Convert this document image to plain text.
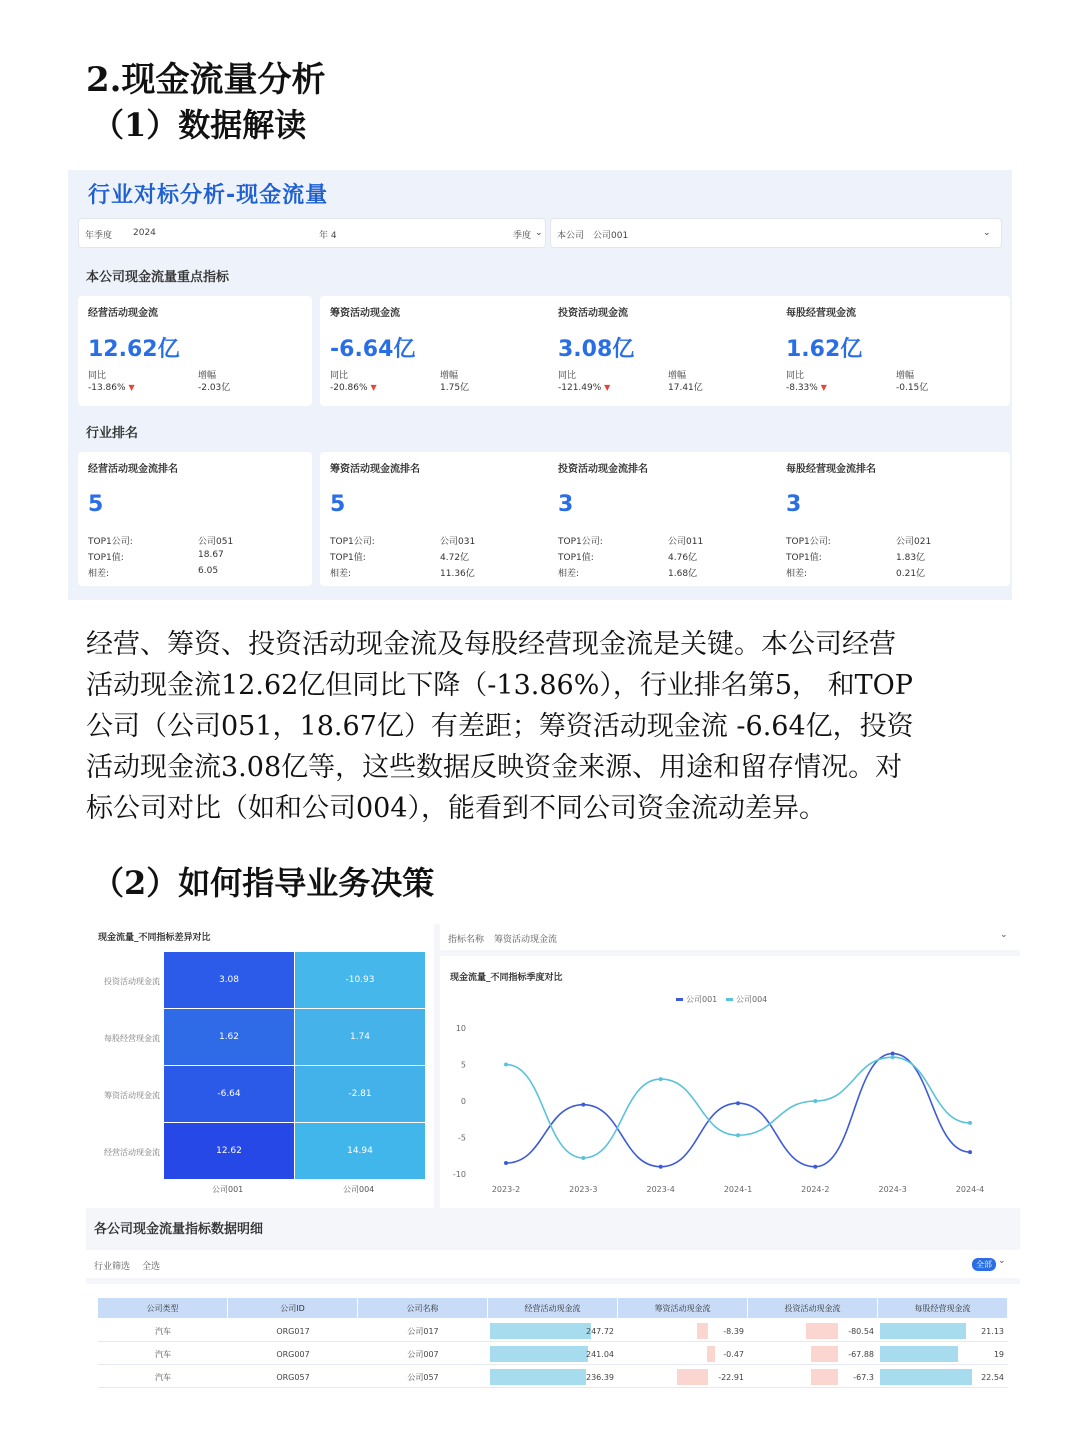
2.现金流量分析
（1）数据解读
行业对标分析-现金流量
年季度 2024	年 4	季度 ⌄ 本公司 公司001	⌄
本公司现金流量重点指标
经营活动现金流
12.62亿
同比
-13.86% ▼
增幅
-2.03亿
筹资活动现金流
-6.64亿
同比
-20.86% ▼
增幅
1.75亿
投资活动现金流
3.08亿
同比
-121.49% ▼
增幅
17.41亿
每股经营现金流
1.62亿
同比
-8.33% ▼
增幅
-0.15亿
行业排名
经营活动现金流排名
5
TOP1公司:	公司051
TOP1值:	18.67
相差:	6.05
筹资活动现金流排名
5
TOP1公司:	公司031
TOP1值:	4.72亿
相差:	11.36亿
投资活动现金流排名
3
TOP1公司:	公司011
TOP1值:	4.76亿
相差:	1.68亿
每股经营现金流排名
3
TOP1公司:	公司021
TOP1值:	1.83亿
相差:	0.21亿
经营、筹资、投资活动现金流及每股经营现金流是关键。本公司经营
活动现金流12.62亿但同比下降（-13.86%），行业排名第5， 和TOP
公司（公司051，18.67亿）有差距；筹资活动现金流 -6.64亿，投资
活动现金流3.08亿等，这些数据反映资金来源、用途和留存情况。对
标公司对比（如和公司004），能看到不同公司资金流动差异。
（2）如何指导业务决策
现金流量_不同指标差异对比
投资活动现金流	3.08	-10.93
每股经营现金流	1.62	1.74
筹资活动现金流	-6.64	-2.81
经营活动现金流	12.62	14.94
公司001	公司004
指标名称 筹资活动现金流	⌄
现金流量_不同指标季度对比
10
5
0
-5
-10
2023-2	2023-3	2023-4	2024-1	2024-2	2024-3	2024-4
公司001 公司004
各公司现金流量指标数据明细
行业筛选 全选	全部 ⌄
公司类型	公司ID	公司名称	经营活动现金流	筹资活动现金流	投资活动现金流	每股经营现金流
汽车	ORG017	公司017	247.72	-8.39	-80.54	21.13
汽车	ORG007	公司007	241.04	-0.47	-67.88	19
汽车	ORG057	公司057	236.39	-22.91	-67.3	22.54
